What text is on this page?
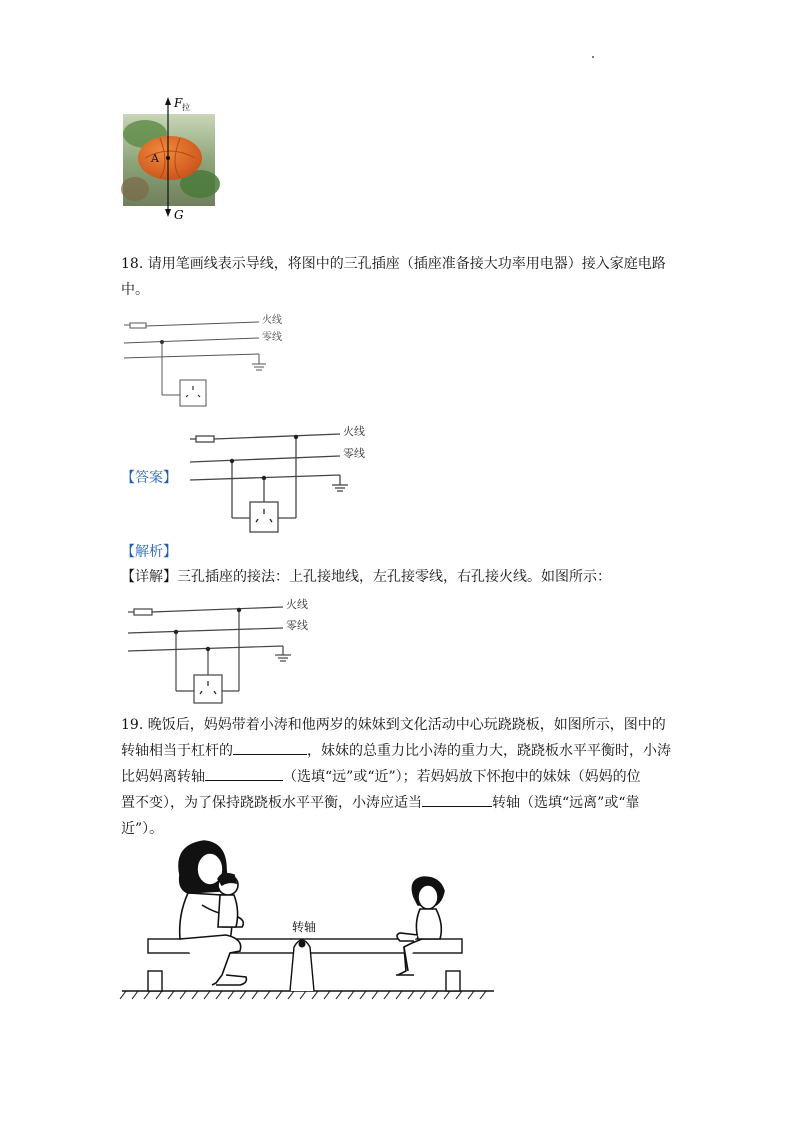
F 拉
A
G
18. 请用笔画线表示导线，将图中的三孔插座（插座准备接大功率用电器）接入家庭电路
中。
火线
零线
【答案】
火线
零线
【解析】
【详解】三孔插座的接法：上孔接地线，左孔接零线，右孔接火线。如图所示：
火线
零线
19. 晚饭后，妈妈带着小涛和他两岁的妹妹到文化活动中心玩跷跷板，如图所示，图中的
转轴相当于杠杆的	，妹妹的总重力比小涛的重力大，跷跷板水平平衡时，小涛
比妈妈离转轴	（选填“远”或“近”）；若妈妈放下怀抱中的妹妹（妈妈的位
置不变），为了保持跷跷板水平平衡，小涛应适当	转轴（选填“远离”或“靠
近”）。
转轴
